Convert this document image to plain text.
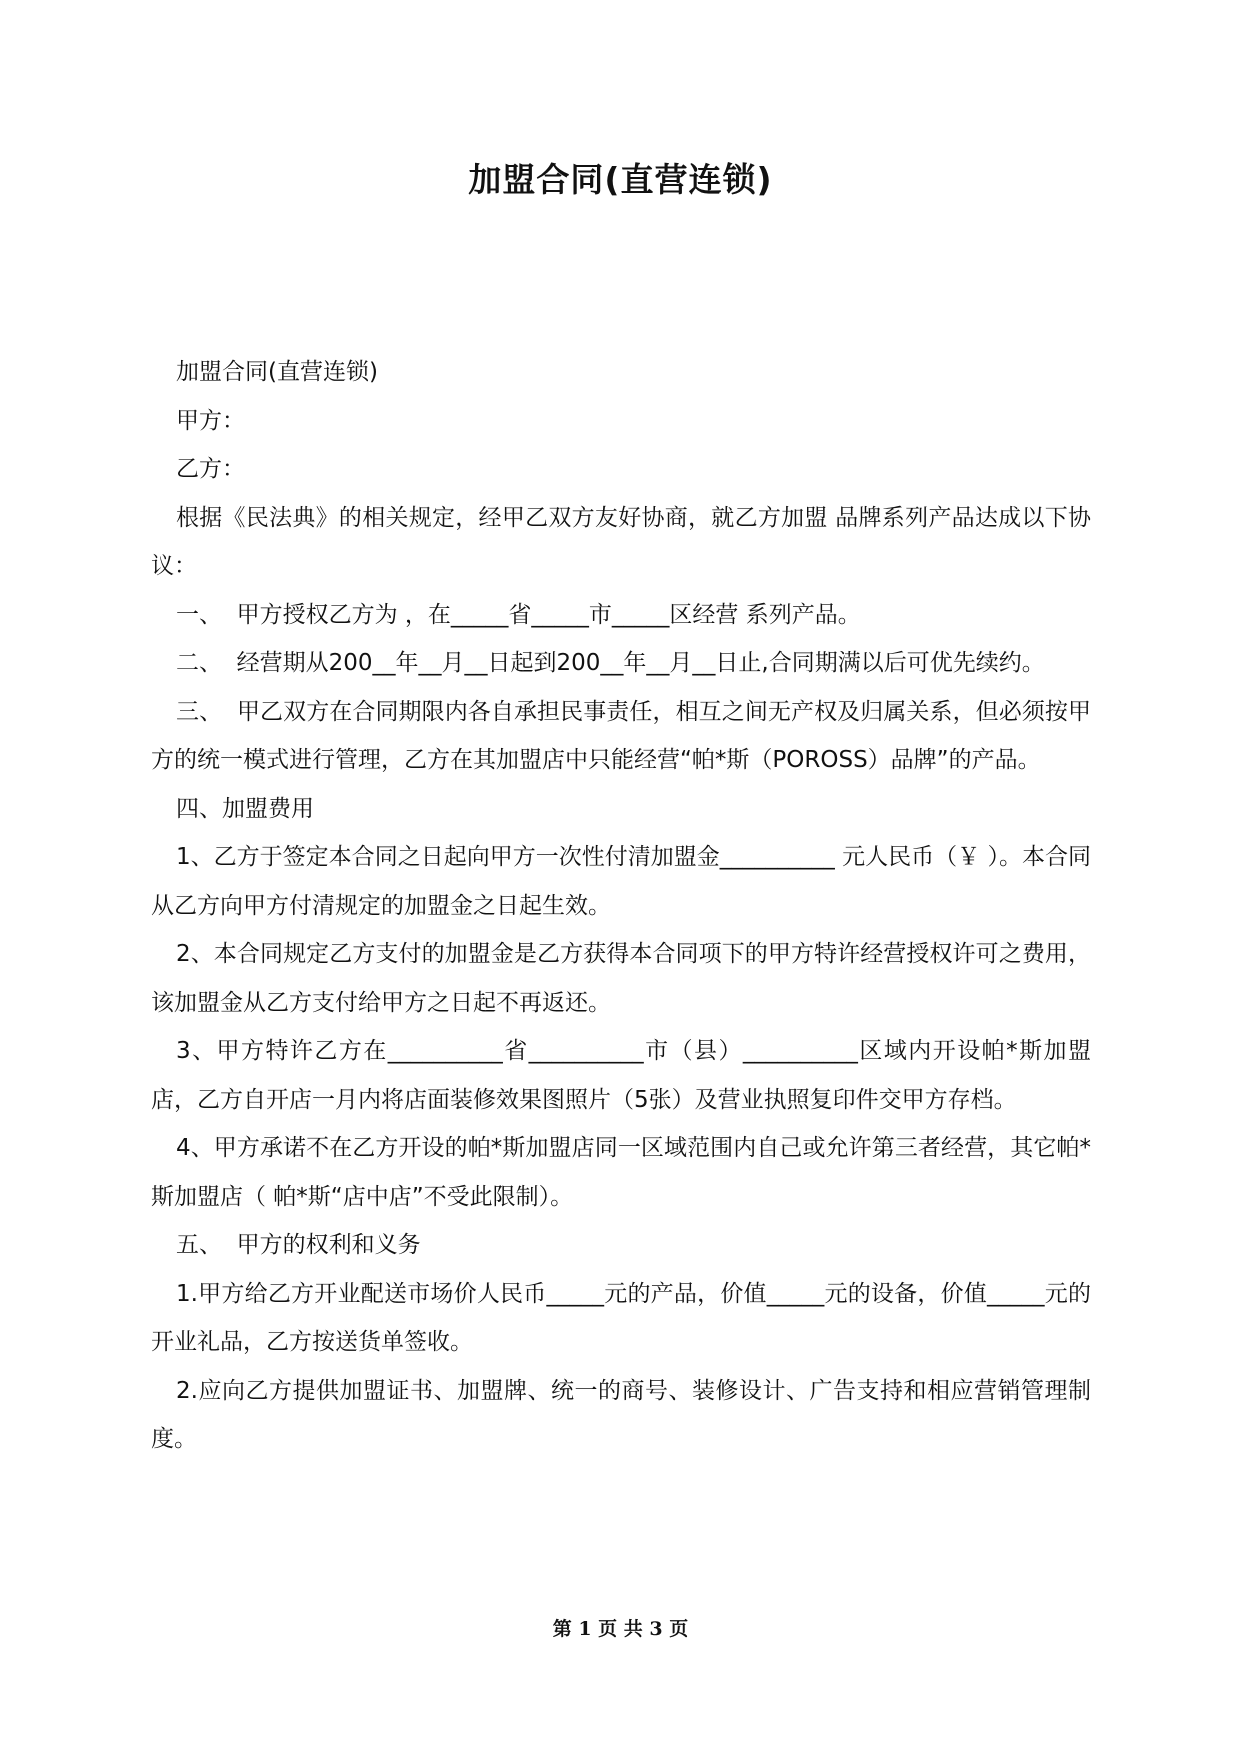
加盟合同(直营连锁)

加盟合同(直营连锁)

甲方：

乙方：

根据《民法典》的相关规定，经甲乙双方友好协商，就乙方加盟 品牌系列产品达成以下协议：

一、  甲方授权乙方为 ，在_____省_____市_____区经营 系列产品。

二、  经营期从200__年__月__日起到200__年__月__日止,合同期满以后可优先续约。

三、  甲乙双方在合同期限内各自承担民事责任，相互之间无产权及归属关系，但必须按甲方的统一模式进行管理，乙方在其加盟店中只能经营“帕*斯（POROSS）品牌”的产品。

四、加盟费用

1、乙方于签定本合同之日起向甲方一次性付清加盟金__________ 元人民币（￥ ）。本合同从乙方向甲方付清规定的加盟金之日起生效。

2、本合同规定乙方支付的加盟金是乙方获得本合同项下的甲方特许经营授权许可之费用，该加盟金从乙方支付给甲方之日起不再返还。

3、甲方特许乙方在__________省__________市（县）__________区域内开设帕*斯加盟店，乙方自开店一月内将店面装修效果图照片（5张）及营业执照复印件交甲方存档。

4、甲方承诺不在乙方开设的帕*斯加盟店同一区域范围内自己或允许第三者经营，其它帕*斯加盟店（ 帕*斯“店中店”不受此限制）。

五、  甲方的权利和义务

1.甲方给乙方开业配送市场价人民币_____元的产品，价值_____元的设备，价值_____元的开业礼品，乙方按送货单签收。

2.应向乙方提供加盟证书、加盟牌、统一的商号、装修设计、广告支持和相应营销管理制度。

第 1 页 共 3 页
